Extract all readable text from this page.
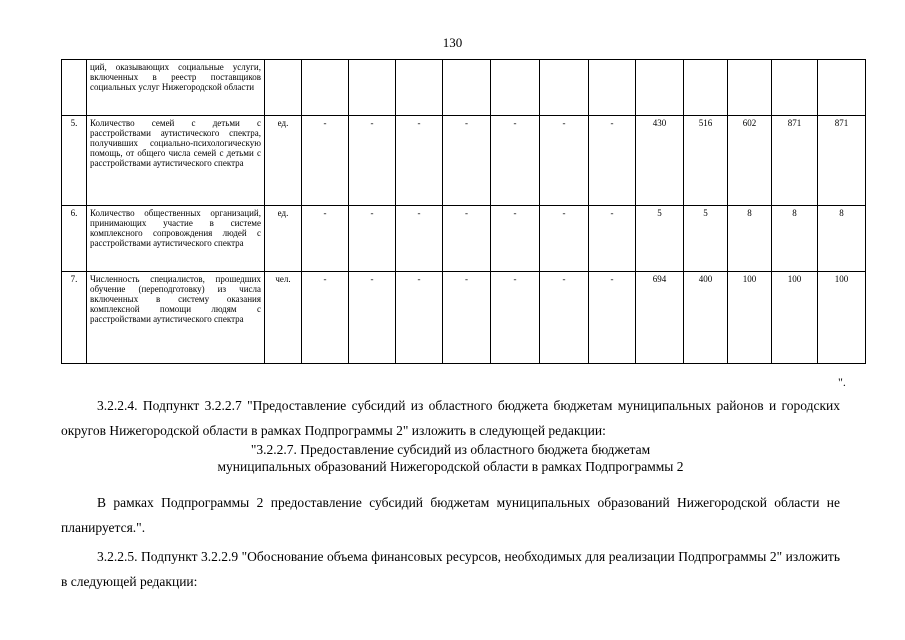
130
	ций, оказывающих социальные услуги, включенных в реестр поставщиков социальных услуг Нижегородской области													
5.	Количество семей с детьми с расстройствами аутистического спектра, получивших социально-психологическую помощь, от общего числа семей с детьми с расстройствами аутистического спектра	ед.	-	-	-	-	-	-	-	430	516	602	871	871
6.	Количество общественных организаций, принимающих участие в системе комплексного сопровождения людей с расстройствами аутистического спектра	ед.	-	-	-	-	-	-	-	5	5	8	8	8
7.	Численность специалистов, прошедших обучение (переподготовку) из числа включенных в систему оказания комплексной помощи людям с расстройствами аутистического спектра	чел.	-	-	-	-	-	-	-	694	400	100	100	100
".
3.2.2.4. Подпункт 3.2.2.7 "Предоставление субсидий из областного бюджета бюджетам муниципальных районов и городских округов Нижегородской области в рамках Подпрограммы 2" изложить в следующей редакции:
"3.2.2.7. Предоставление субсидий из областного бюджета бюджетам
муниципальных образований Нижегородской области в рамках Подпрограммы 2
В рамках Подпрограммы 2 предоставление субсидий бюджетам муниципальных образований Нижегородской области не планируется.".
3.2.2.5. Подпункт 3.2.2.9 "Обоснование объема финансовых ресурсов, необходимых для реализации Подпрограммы 2" изложить в следующей редакции:
